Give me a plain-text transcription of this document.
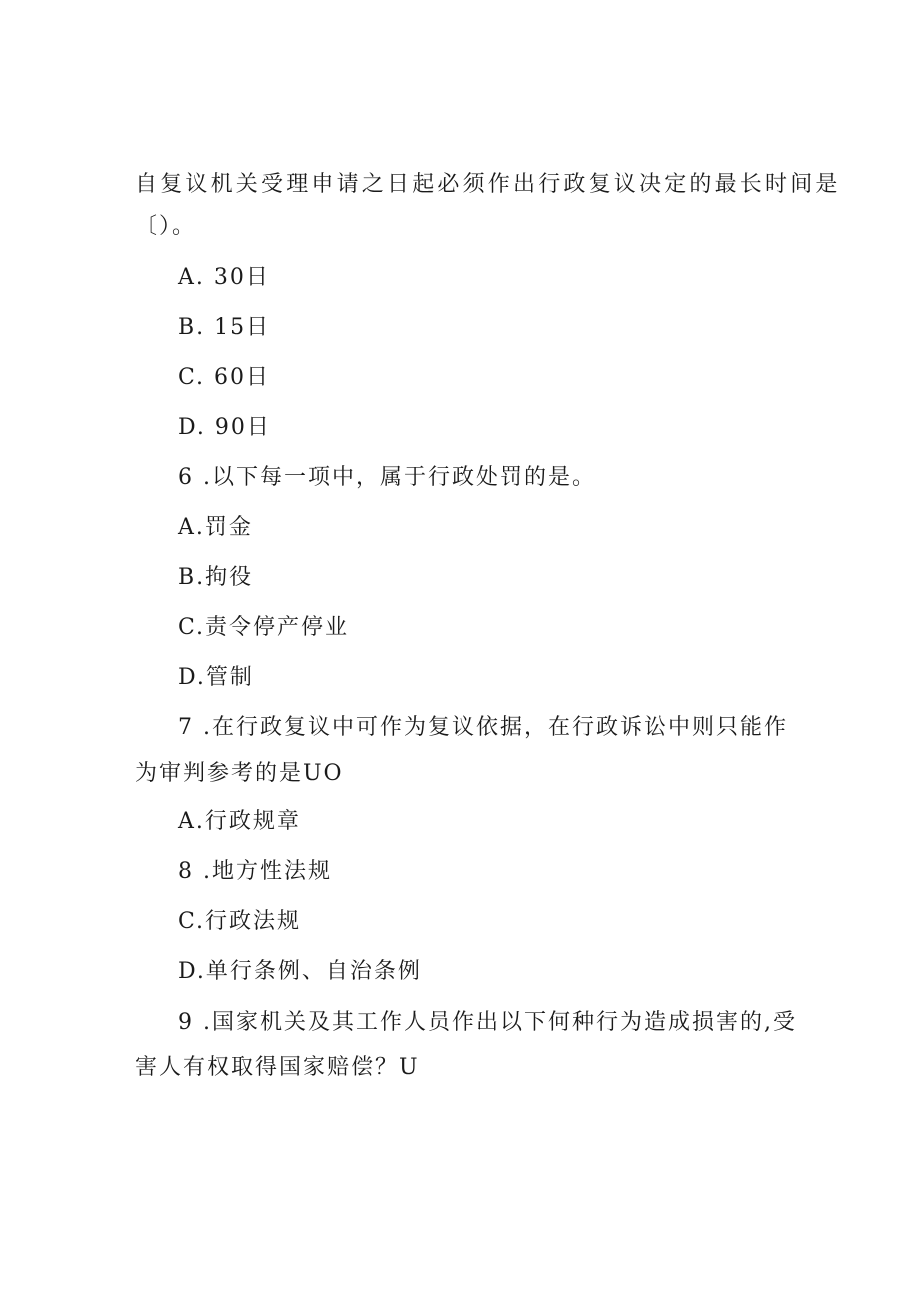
自复议机关受理申请之日起必须作出行政复议决定的最长时间是
〔）。
A. 30日
B. 15日
C. 60日
D. 90日
6 .以下每一项中，属于行政处罚的是。
A.罚金
B.拘役
C.责令停产停业
D.管制
7 .在行政复议中可作为复议依据，在行政诉讼中则只能作
为审判参考的是UO
A.行政规章
8 .地方性法规
C.行政法规
D.单行条例、自治条例
9 .国家机关及其工作人员作出以下何种行为造成损害的,受
害人有权取得国家赔偿？U
